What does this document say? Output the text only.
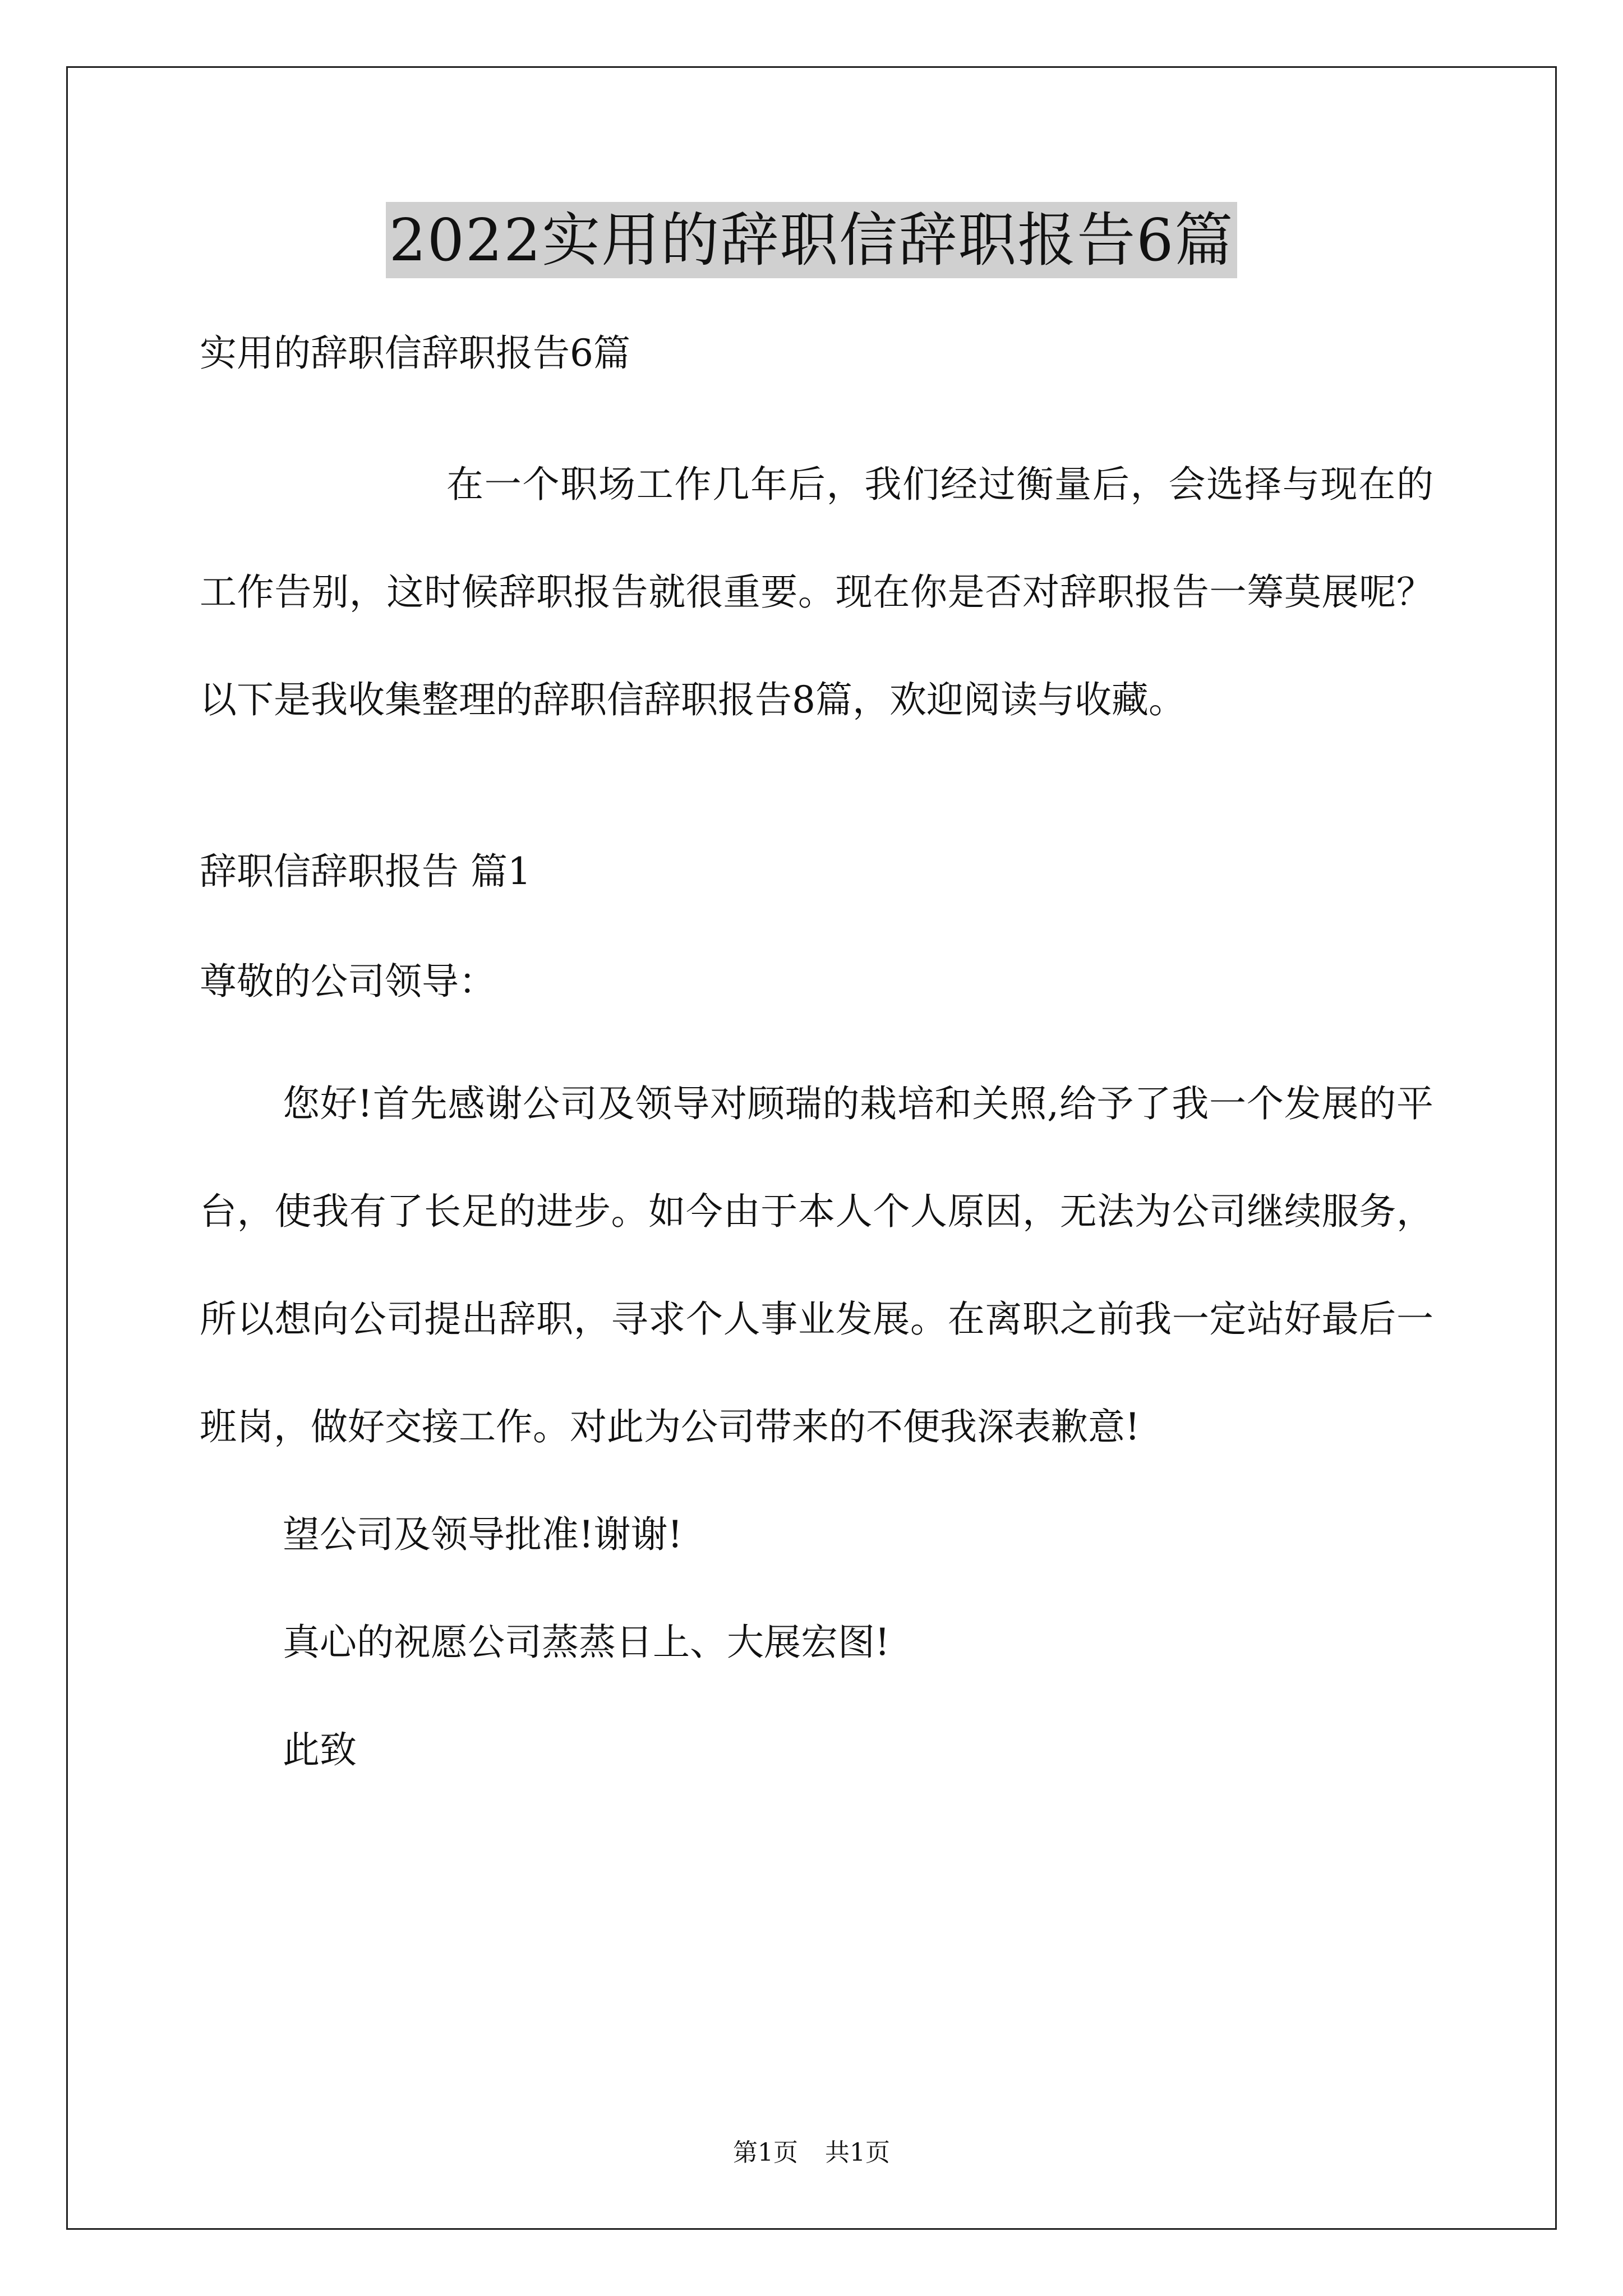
2022实用的辞职信辞职报告6篇

实用的辞职信辞职报告6篇

在一个职场工作几年后，我们经过衡量后，会选择与现在的工作告别，这时候辞职报告就很重要。现在你是否对辞职报告一筹莫展呢？以下是我收集整理的辞职信辞职报告8篇，欢迎阅读与收藏。

辞职信辞职报告 篇1

尊敬的公司领导：

您好!首先感谢公司及领导对顾瑞的栽培和关照,给予了我一个发展的平台，使我有了长足的进步。如今由于本人个人原因，无法为公司继续服务，所以想向公司提出辞职，寻求个人事业发展。在离职之前我一定站好最后一班岗，做好交接工作。对此为公司带来的不便我深表歉意!

望公司及领导批准!谢谢!

真心的祝愿公司蒸蒸日上、大展宏图!

此致

第1页 共1页
